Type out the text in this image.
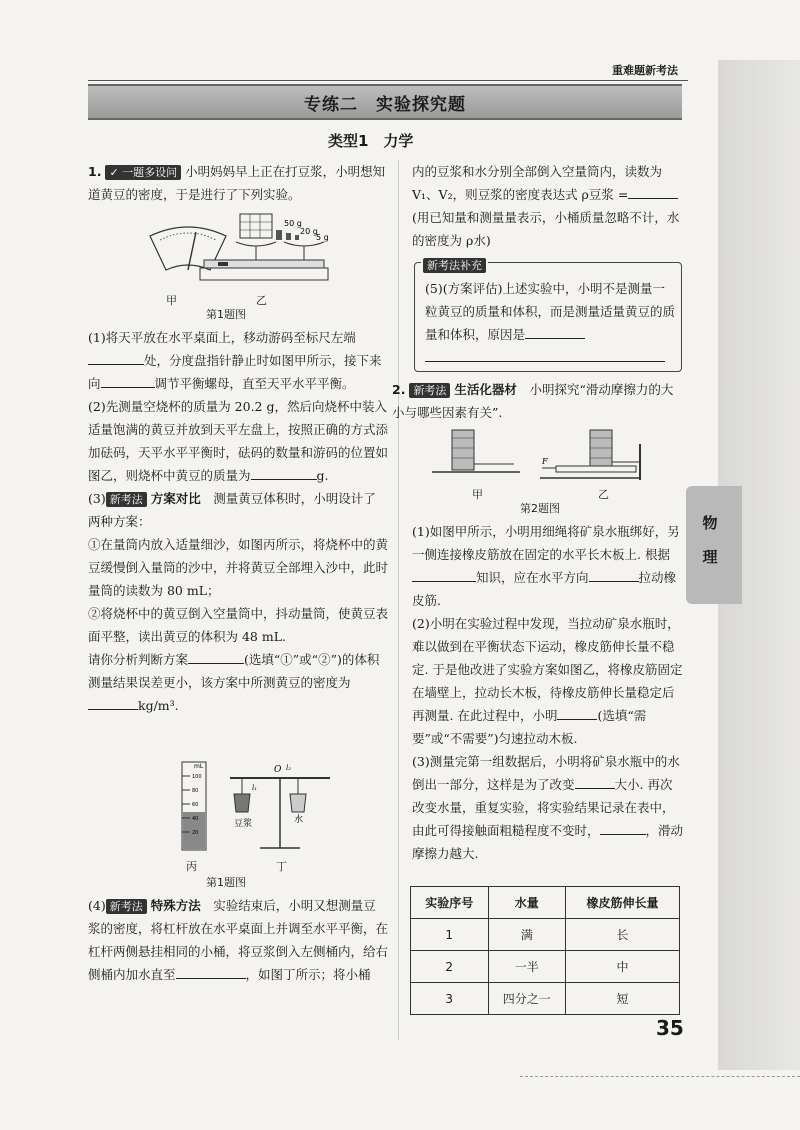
重难题新考法
专练二　实验探究题
物理
类型1　力学

1. ✓ 一题多设问 小明妈妈早上正在打豆浆，小明想知道黄豆的密度，于是进行了下列实验。

50 g
20 g
5 g
甲	乙
第1题图

(1)将天平放在水平桌面上，移动游码至标尺左端处，分度盘指针静止时如图甲所示，接下来向	调节平衡螺母，直至天平水平平衡。

(2)先测量空烧杯的质量为 20.2 g，然后向烧杯中装入适量饱满的黄豆并放到天平左盘上，按照正确的方式添加砝码，天平水平平衡时，砝码的数量和游码的位置如图乙，则烧杯中黄豆的质量为	g.

(3) 新考法 方案对比　 测量黄豆体积时，小明设计了两种方案：

①在量筒内放入适量细沙，如图丙所示，将烧杯中的黄豆缓慢倒入量筒的沙中，并将黄豆全部埋入沙中，此时量筒的读数为 80 mL；

②将烧杯中的黄豆倒入空量筒中，抖动量筒，使黄豆表面平整，读出黄豆的体积为 48 mL.

请你分析判断方案	(选填“①”或“②”)的体积测量结果误差更小，该方案中所测黄豆的密度为kg/m³.

mL
100
80
60
40
20
O
l₁
l₂
豆浆	水
丙	丁
第1题图

(4) 新考法 特殊方法　 实验结束后，小明又想测量豆浆的密度，将杠杆放在水平桌面上并调至水平平衡，在杠杆两侧悬挂相同的小桶，将豆浆倒入左侧桶内，给右侧桶内加水直至	，如图丁所示；将小桶

内的豆浆和水分别全部倒入空量筒内，读数为 V₁、V₂，则豆浆的密度表达式 ρ豆浆 =

(用已知量和测量量表示，小桶质量忽略不计，水的密度为 ρ水)

新考法补充
(5)(方案评估)上述实验中，小明不是测量一粒黄豆的质量和体积，而是测量适量黄豆的质量和体积，原因是

2. 新考法 生活化器材　 小明探究“滑动摩擦力的大小与哪些因素有关”.

F
甲	乙
第2题图

(1)如图甲所示，小明用细绳将矿泉水瓶绑好，另一侧连接橡皮筋放在固定的水平长木板上. 根据知识，应在水平方向	拉动橡皮筋.

(2)小明在实验过程中发现，当拉动矿泉水瓶时，难以做到在平衡状态下运动，橡皮筋伸长量不稳定. 于是他改进了实验方案如图乙，将橡皮筋固定在墙壁上，拉动长木板，待橡皮筋伸长量稳定后再测量. 在此过程中，小明	(选填“需要”或“不需要”)匀速拉动木板.

(3)测量完第一组数据后，小明将矿泉水瓶中的水倒出一部分，这样是为了改变	大小. 再次改变水量，重复实验，将实验结果记录在表中，由此可得接触面粗糙程度不变时，	，滑动摩擦力越大.

实验序号	水量	橡皮筋伸长量
1	满	长
2	一半	中
3	四分之一	短
35
